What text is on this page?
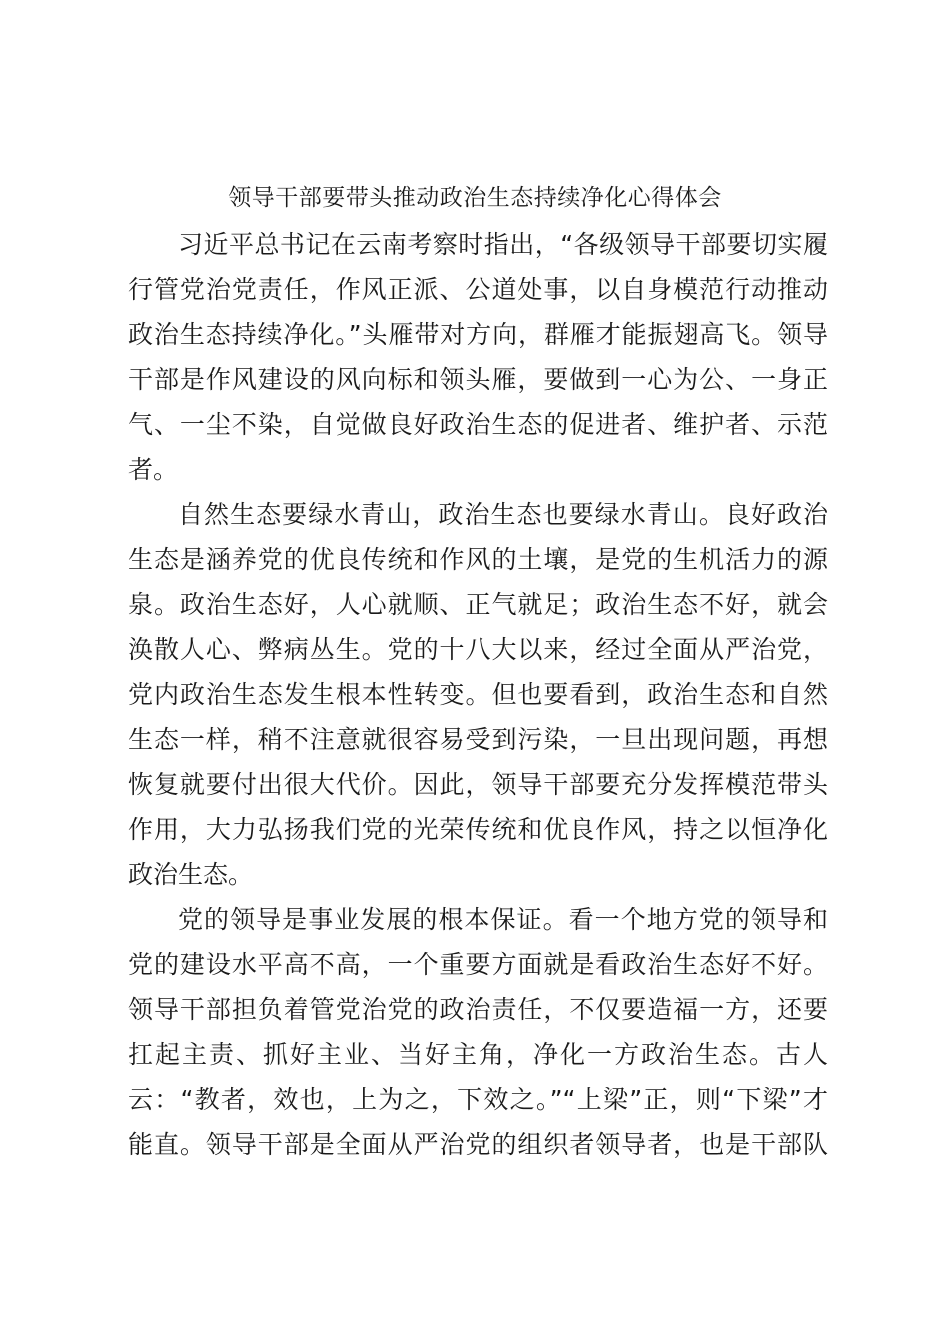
领导干部要带头推动政治生态持续净化心得体会
习近平总书记在云南考察时指出，“各级领导干部要切实履
行管党治党责任，作风正派、公道处事，以自身模范行动推动
政治生态持续净化。”头雁带对方向，群雁才能振翅高飞。领导
干部是作风建设的风向标和领头雁，要做到一心为公、一身正
气、一尘不染，自觉做良好政治生态的促进者、维护者、示范
者。
自然生态要绿水青山，政治生态也要绿水青山。良好政治
生态是涵养党的优良传统和作风的土壤，是党的生机活力的源
泉。政治生态好，人心就顺、正气就足；政治生态不好，就会
涣散人心、弊病丛生。党的十八大以来，经过全面从严治党，
党内政治生态发生根本性转变。但也要看到，政治生态和自然
生态一样，稍不注意就很容易受到污染，一旦出现问题，再想
恢复就要付出很大代价。因此，领导干部要充分发挥模范带头
作用，大力弘扬我们党的光荣传统和优良作风，持之以恒净化
政治生态。
党的领导是事业发展的根本保证。看一个地方党的领导和
党的建设水平高不高，一个重要方面就是看政治生态好不好。
领导干部担负着管党治党的政治责任，不仅要造福一方，还要
扛起主责、抓好主业、当好主角，净化一方政治生态。古人
云：“教者，效也，上为之，下效之。”“上梁”正，则“下梁”才
能直。领导干部是全面从严治党的组织者领导者，也是干部队
